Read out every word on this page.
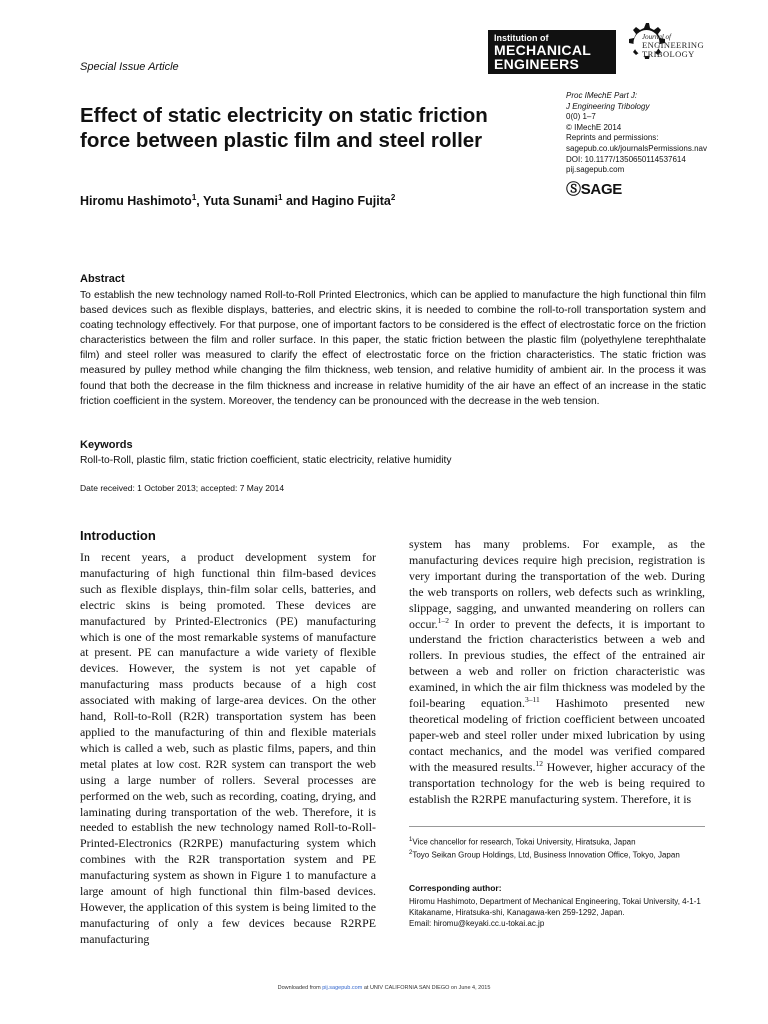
Institution of
MECHANICAL
ENGINEERS
Journal of
ENGINEERING
TRIBOLOGY
Special Issue Article
Effect of static electricity on static friction force between plastic film and steel roller
Hiromu Hashimoto$^1$, Yuta Sunami$^1$ and Hagino Fujita$^2$
Proc IMechE Part J:
J Engineering Tribology
0(0) 1–7
© IMechE 2014
Reprints and permissions:
sagepub.co.uk/journalsPermissions.nav
DOI: 10.1177/1350650114537614
pij.sagepub.com
ⓈSAGE
Abstract
To establish the new technology named Roll-to-Roll Printed Electronics, which can be applied to manufacture the high functional thin film based devices such as flexible displays, batteries, and electric skins, it is needed to combine the roll-to-roll transportation system and coating technology effectively. For that purpose, one of important factors to be considered is the effect of electrostatic force on the friction characteristics between the film and roller surface. In this paper, the static friction between the plastic film (polyethylene terephthalate film) and steel roller was measured to clarify the effect of electrostatic force on the friction characteristics. The static friction was measured by pulley method while changing the film thickness, web tension, and relative humidity of ambient air. In the process it was found that both the decrease in the film thickness and increase in relative humidity of the air have an effect of an increase in the static friction coefficient in the system. Moreover, the tendency can be pronounced with the decrease in the web tension.
Keywords
Roll-to-Roll, plastic film, static friction coefficient, static electricity, relative humidity
Date received: 1 October 2013; accepted: 7 May 2014
Introduction
In recent years, a product development system for manufacturing of high functional thin film-based devices such as flexible displays, thin-film solar cells, batteries, and electric skins is being promoted. These devices are manufactured by Printed-Electronics (PE) manufacturing which is one of the most remarkable systems of manufacture at present. PE can manufacture a wide variety of flexible devices. However, the system is not yet capable of manufacturing mass products because of a high cost associated with making of large-area devices. On the other hand, Roll-to-Roll (R2R) transportation system has been applied to the manufacturing of thin and flexible materials which is called a web, such as plastic films, papers, and thin metal plates at low cost. R2R system can transport the web using a large number of rollers. Several processes are performed on the web, such as recording, coating, drying, and laminating during transportation of the web. Therefore, it is needed to establish the new technology named Roll-to-Roll-Printed-Electronics (R2RPE) manufacturing system which combines with the R2R transportation system and PE manufacturing system as shown in Figure 1 to manufacture a large amount of high functional thin film-based devices. However, the application of this system is being limited to the manufacturing of only a few devices because R2RPE manufacturing
system has many problems. For example, as the manufacturing devices require high precision, registration is very important during the transportation of the web. During the web transports on rollers, web defects such as wrinkling, slippage, sagging, and unwanted meandering on rollers can occur.$^{1-2}$ In order to prevent the defects, it is important to understand the friction characteristics between a web and rollers. In previous studies, the effect of the entrained air between a web and roller on friction characteristic was examined, in which the air film thickness was modeled by the foil-bearing equation.$^{3-11}$ Hashimoto presented new theoretical modeling of friction coefficient between uncoated paper-web and steel roller under mixed lubrication by using contact mechanics, and the model was verified compared with the measured results.$^{12}$ However, higher accuracy of the transportation technology for the web is being required to establish the R2RPE manufacturing system. Therefore, it is
$^1$Vice chancellor for research, Tokai University, Hiratsuka, Japan
$^2$Toyo Seikan Group Holdings, Ltd, Business Innovation Office, Tokyo, Japan
Corresponding author:
Hiromu Hashimoto, Department of Mechanical Engineering, Tokai University, 4-1-1 Kitakaname, Hiratsuka-shi, Kanagawa-ken 259-1292, Japan.
Email: hiromu@keyaki.cc.u-tokai.ac.jp
Downloaded from pij.sagepub.com at UNIV CALIFORNIA SAN DIEGO on June 4, 2015
